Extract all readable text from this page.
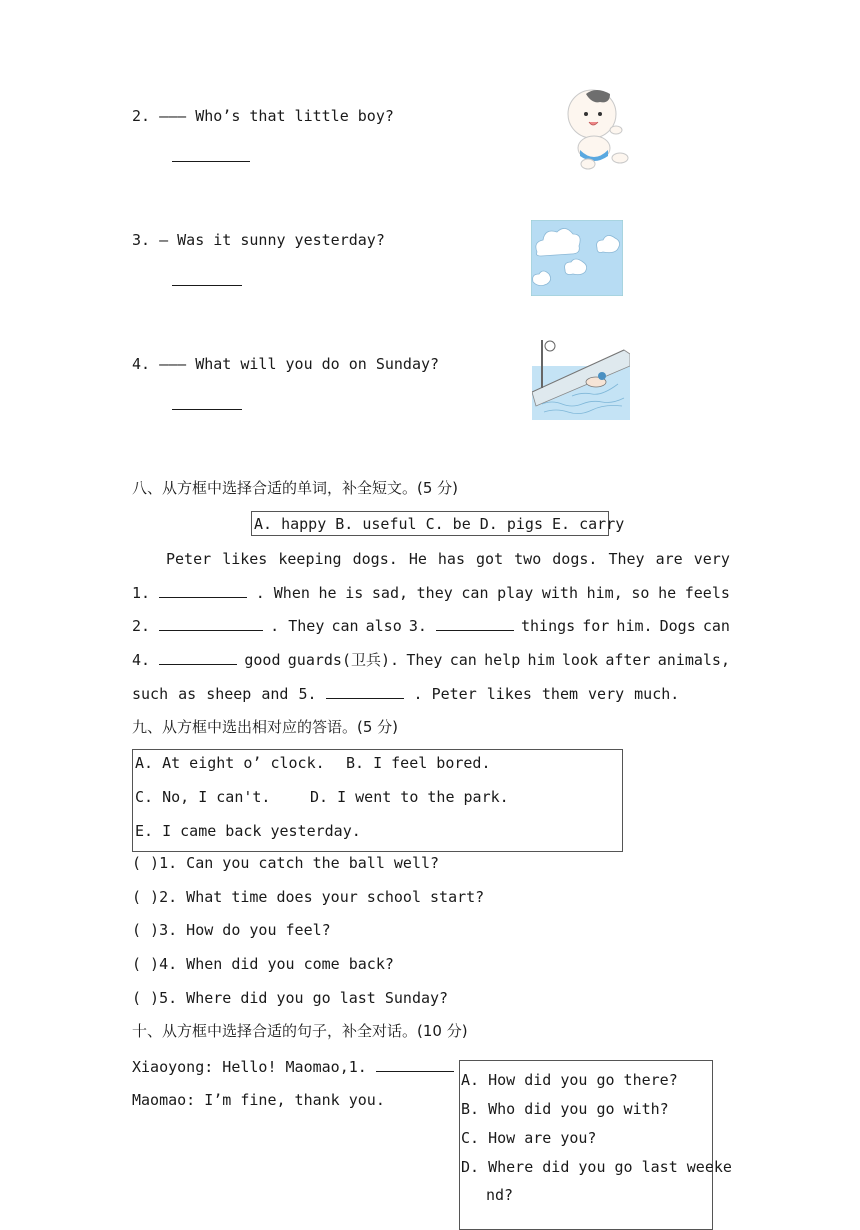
2. ——— Who’s that little boy?
3. — Was it sunny yesterday?
4. ——— What will you do on Sunday?
八、从方框中选择合适的单词，补全短文。(5 分)
A. happy B. useful C. be D. pigs E. carry
Peter likes keeping dogs. He has got two dogs. They are very
1.	. When he is sad, they can play with him, so he feels
2.	. They can also 3.	things for him. Dogs can
4.	good guards(卫兵). They can help him look after animals,
such as sheep and 5.	. Peter likes them very much.
九、从方框中选出相对应的答语。(5 分)
A. At eight o’ clock. B. I feel bored.
C. No, I can't.	D. I went to the park.
E. I came back yesterday.
( )1. Can you catch the ball well?
( )2. What time does your school start?
( )3. How do you feel?
( )4. When did you come back?
( )5. Where did you go last Sunday?
十、从方框中选择合适的句子，补全对话。(10 分)
Xiaoyong: Hello! Maomao,1.
Maomao: I’m fine, thank you.
A. How did you go there?
B. Who did you go with?
C. How are you?
D. Where did you go last weeke
nd?
